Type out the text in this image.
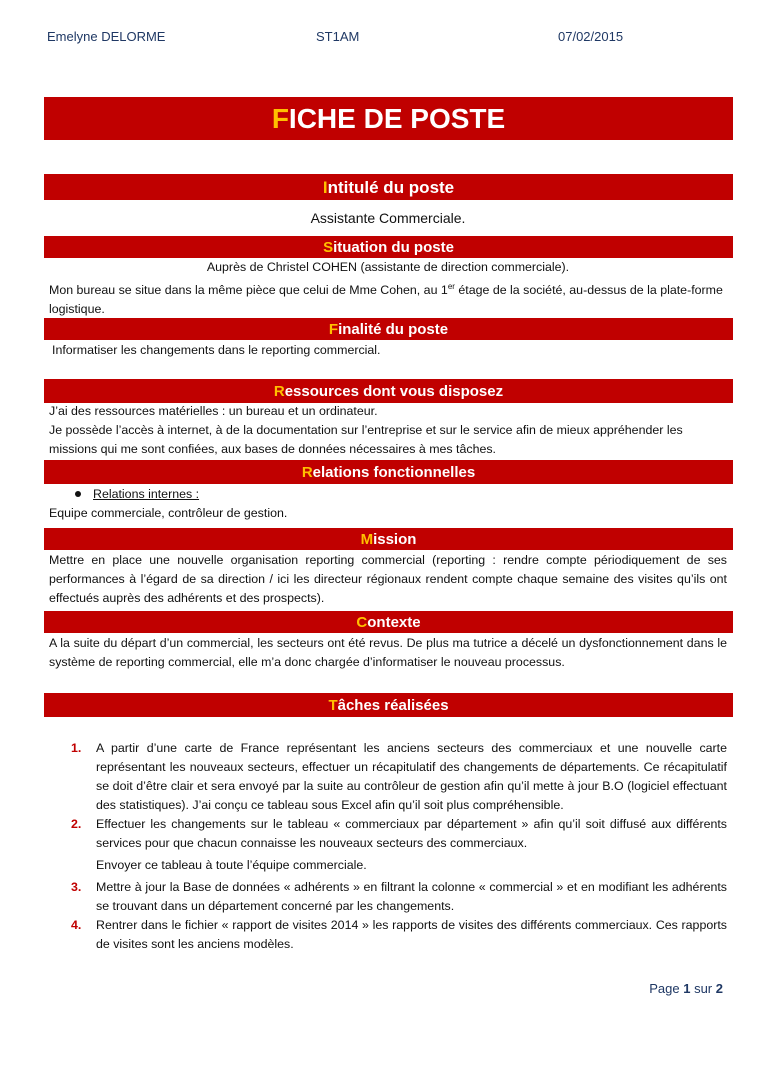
Emelyne DELORME	ST1AM	07/02/2015
FICHE DE POSTE
Intitulé du poste
Assistante Commerciale.
Situation du poste

Auprès de Christel COHEN (assistante de direction commerciale).

Mon bureau se situe dans la même pièce que celui de Mme Cohen, au 1er étage de la société, au-dessus de la plate-forme logistique.

Finalité du poste
Informatiser les changements dans le reporting commercial.
Ressources dont vous disposez

J’ai des ressources matérielles : un bureau et un ordinateur.

Je possède l’accès à internet, à de la documentation sur l’entreprise et sur le service afin de mieux appréhender les missions qui me sont confiées, aux bases de données nécessaires à mes tâches.

Relations fonctionnelles

Relations internes :

Equipe commerciale, contrôleur de gestion.

Mission
Mettre en place une nouvelle organisation reporting commercial (reporting : rendre compte périodiquement de ses performances à l’égard de sa direction / ici les directeur régionaux rendent compte chaque semaine des visites qu’ils ont effectués auprès des adhérents et des prospects).
Contexte
A la suite du départ d’un commercial, les secteurs ont été revus. De plus ma tutrice a décelé un dysfonctionnement dans le système de reporting commercial, elle m’a donc chargée d’informatiser le nouveau processus.
Tâches réalisées
1. A partir d’une carte de France représentant les anciens secteurs des commerciaux et une nouvelle carte représentant les nouveaux secteurs, effectuer un récapitulatif des changements de départements. Ce récapitulatif se doit d’être clair et sera envoyé par la suite au contrôleur de gestion afin qu’il mette à jour B.O (logiciel effectuant des statistiques). J’ai conçu ce tableau sous Excel afin qu’il soit plus compréhensible.
2. Effectuer les changements sur le tableau « commerciaux par département » afin qu’il soit diffusé aux différents services pour que chacun connaisse les nouveaux secteurs des commerciaux.
Envoyer ce tableau à toute l’équipe commerciale.
3. Mettre à jour la Base de données « adhérents » en filtrant la colonne « commercial » et en modifiant les adhérents se trouvant dans un département concerné par les changements.
4. Rentrer dans le fichier « rapport de visites 2014 » les rapports de visites des différents commerciaux. Ces rapports de visites sont les anciens modèles.
Page 1 sur 2
